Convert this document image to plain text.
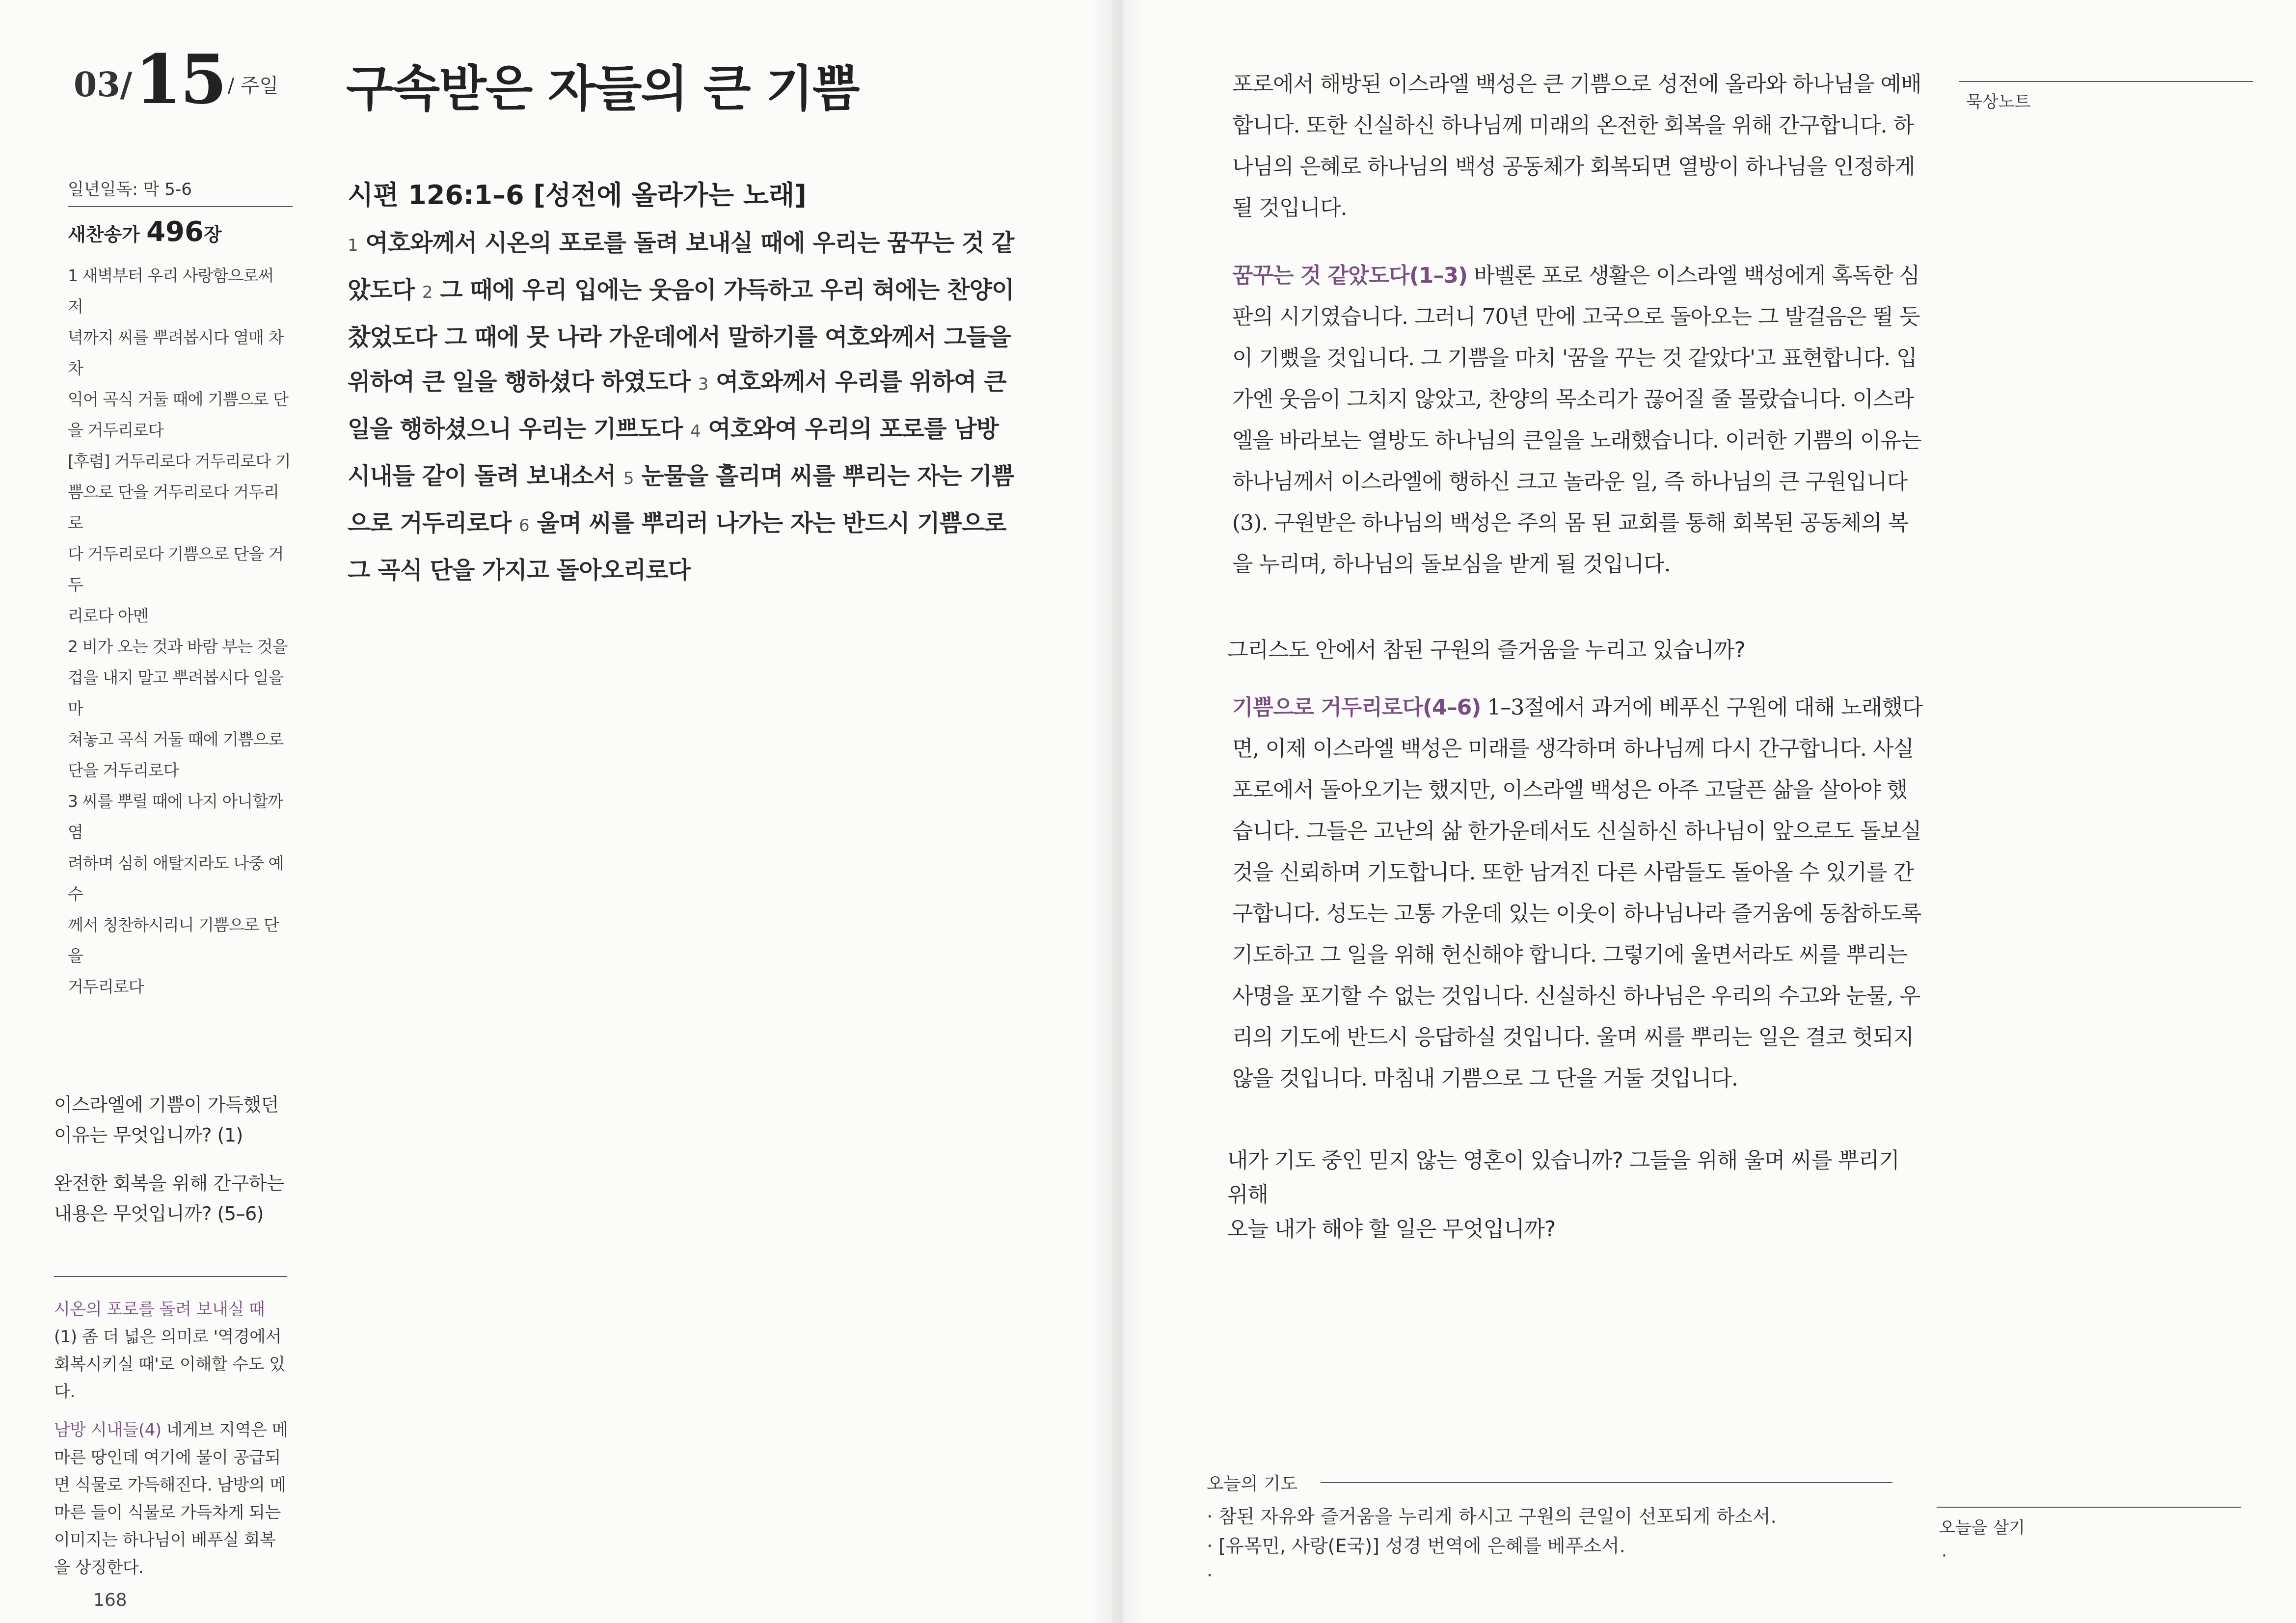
03/ 15 / 주일 구속받은 자들의 큰 기쁨
일년일독: 막 5-6
새찬송가 496장

1 새벽부터 우리 사랑함으로써 저

녁까지 씨를 뿌려봅시다 열매 차차

익어 곡식 거둘 때에 기쁨으로 단

을 거두리로다

[후렴] 거두리로다 거두리로다 기

쁨으로 단을 거두리로다 거두리로

다 거두리로다 기쁨으로 단을 거두

리로다 아멘

2 비가 오는 것과 바람 부는 것을

겁을 내지 말고 뿌려봅시다 일을 마

쳐놓고 곡식 거둘 때에 기쁨으로

단을 거두리로다

3 씨를 뿌릴 때에 나지 아니할까 염

려하며 심히 애탈지라도 나중 예수

께서 칭찬하시리니 기쁨으로 단을

거두리로다

이스라엘에 기쁨이 가득했던 이유는 무엇입니까? (1)

완전한 회복을 위해 간구하는 내용은 무엇입니까? (5–6)

시온의 포로를 돌려 보내실 때
(1) 좀 더 넓은 의미로 '역경에서 회복시키실 때'로 이해할 수도 있다.

남방 시내들(4) 네게브 지역은 메마른 땅인데 여기에 물이 공급되면 식물로 가득해진다. 남방의 메마른 들이 식물로 가득차게 되는 이미지는 하나님이 베푸실 회복을 상징한다.

168
시편 126:1–6 [성전에 올라가는 노래]
1 여호와께서 시온의 포로를 돌려 보내실 때에 우리는 꿈꾸는 것 같았도다 2 그 때에 우리 입에는 웃음이 가득하고 우리 혀에는 찬양이 찼었도다 그 때에 뭇 나라 가운데에서 말하기를 여호와께서 그들을 위하여 큰 일을 행하셨다 하였도다 3 여호와께서 우리를 위하여 큰 일을 행하셨으니 우리는 기쁘도다 4 여호와여 우리의 포로를 남방 시내들 같이 돌려 보내소서 5 눈물을 흘리며 씨를 뿌리는 자는 기쁨으로 거두리로다 6 울며 씨를 뿌리러 나가는 자는 반드시 기쁨으로 그 곡식 단을 가지고 돌아오리로다

포로에서 해방된 이스라엘 백성은 큰 기쁨으로 성전에 올라와 하나님을 예배합니다. 또한 신실하신 하나님께 미래의 온전한 회복을 위해 간구합니다. 하나님의 은혜로 하나님의 백성 공동체가 회복되면 열방이 하나님을 인정하게 될 것입니다.

꿈꾸는 것 같았도다(1–3) 바벨론 포로 생활은 이스라엘 백성에게 혹독한 심판의 시기였습니다. 그러니 70년 만에 고국으로 돌아오는 그 발걸음은 뛸 듯이 기뻤을 것입니다. 그 기쁨을 마치 '꿈을 꾸는 것 같았다'고 표현합니다. 입가엔 웃음이 그치지 않았고, 찬양의 목소리가 끊어질 줄 몰랐습니다. 이스라엘을 바라보는 열방도 하나님의 큰일을 노래했습니다. 이러한 기쁨의 이유는 하나님께서 이스라엘에 행하신 크고 놀라운 일, 즉 하나님의 큰 구원입니다(3). 구원받은 하나님의 백성은 주의 몸 된 교회를 통해 회복된 공동체의 복을 누리며, 하나님의 돌보심을 받게 될 것입니다.

그리스도 안에서 참된 구원의 즐거움을 누리고 있습니까?

기쁨으로 거두리로다(4–6) 1–3절에서 과거에 베푸신 구원에 대해 노래했다면, 이제 이스라엘 백성은 미래를 생각하며 하나님께 다시 간구합니다. 사실 포로에서 돌아오기는 했지만, 이스라엘 백성은 아주 고달픈 삶을 살아야 했습니다. 그들은 고난의 삶 한가운데서도 신실하신 하나님이 앞으로도 돌보실 것을 신뢰하며 기도합니다. 또한 남겨진 다른 사람들도 돌아올 수 있기를 간구합니다. 성도는 고통 가운데 있는 이웃이 하나님나라 즐거움에 동참하도록 기도하고 그 일을 위해 헌신해야 합니다. 그렇기에 울면서라도 씨를 뿌리는 사명을 포기할 수 없는 것입니다. 신실하신 하나님은 우리의 수고와 눈물, 우리의 기도에 반드시 응답하실 것입니다. 울며 씨를 뿌리는 일은 결코 헛되지 않을 것입니다. 마침내 기쁨으로 그 단을 거둘 것입니다.

내가 기도 중인 믿지 않는 영혼이 있습니까? 그들을 위해 울며 씨를 뿌리기 위해
오늘 내가 해야 할 일은 무엇입니까?
묵상노트
오늘의 기도
· 참된 자유와 즐거움을 누리게 하시고 구원의 큰일이 선포되게 하소서.
· [유목민, 사랑(E국)] 성경 번역에 은혜를 베푸소서.
·
오늘을 살기
·
